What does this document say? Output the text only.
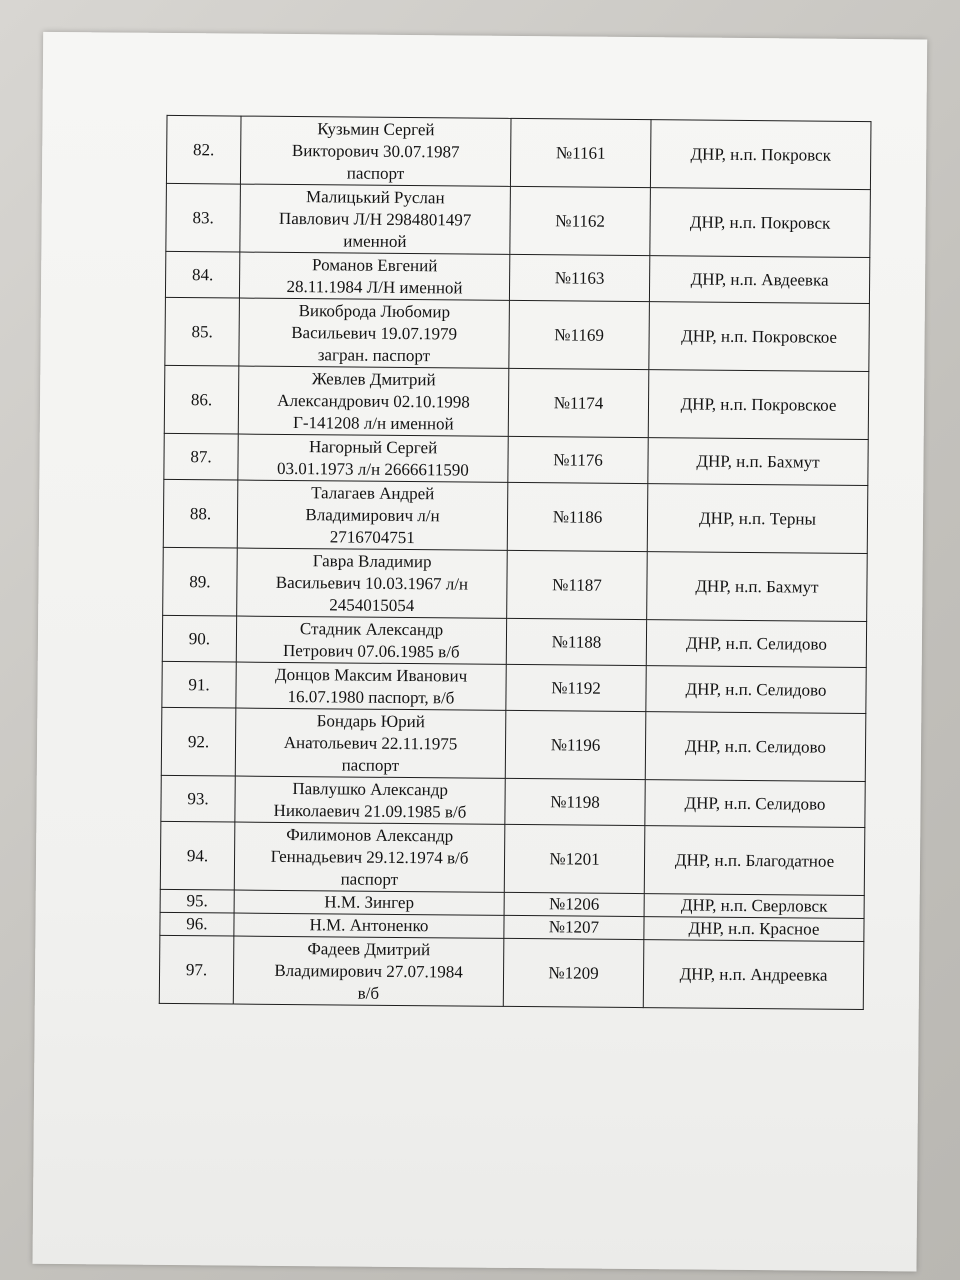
82.	Кузьмин Сергей
Викторович 30.07.1987
паспорт	№1161	ДНР, н.п. Покровск
83.	Малицький Руслан
Павлович Л/Н 2984801497
именной	№1162	ДНР, н.п. Покровск
84.	Романов Евгений
28.11.1984 Л/Н именной	№1163	ДНР, н.п. Авдеевка
85.	Викоброда Любомир
Васильевич 19.07.1979
загран. паспорт	№1169	ДНР, н.п. Покровское
86.	Жевлев Дмитрий
Александрович 02.10.1998
Г-141208 л/н именной	№1174	ДНР, н.п. Покровское
87.	Нагорный Сергей
03.01.1973 л/н 2666611590	№1176	ДНР, н.п. Бахмут
88.	Талагаев Андрей
Владимирович л/н
2716704751	№1186	ДНР, н.п. Терны
89.	Гавра Владимир
Васильевич 10.03.1967 л/н
2454015054	№1187	ДНР, н.п. Бахмут
90.	Стадник Александр
Петрович 07.06.1985 в/б	№1188	ДНР, н.п. Селидово
91.	Донцов Максим Иванович
16.07.1980 паспорт, в/б	№1192	ДНР, н.п. Селидово
92.	Бондарь Юрий
Анатольевич 22.11.1975
паспорт	№1196	ДНР, н.п. Селидово
93.	Павлушко Александр
Николаевич 21.09.1985 в/б	№1198	ДНР, н.п. Селидово
94.	Филимонов Александр
Геннадьевич 29.12.1974 в/б
паспорт	№1201	ДНР, н.п. Благодатное
95.	Н.М. Зингер	№1206	ДНР, н.п. Сверловск
96.	Н.М. Антоненко	№1207	ДНР, н.п. Красное
97.	Фадеев Дмитрий
Владимирович 27.07.1984
в/б	№1209	ДНР, н.п. Андреевка
